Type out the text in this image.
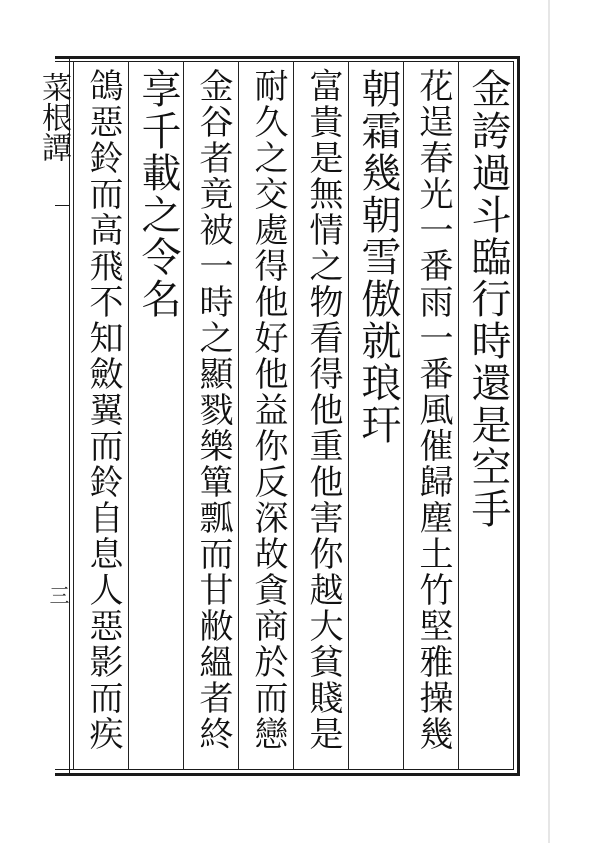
菜根譚
三
金誇過斗臨行時還是空手
花逞春光一番雨一番風催歸塵土竹堅雅操幾
朝霜幾朝雪傲就琅玕
富貴是無情之物看得他重他害你越大貧賤是
耐久之交處得他好他益你反深故貪商於而戀
金谷者竟被一時之顯戮樂簞瓢而甘敝縕者終
享千載之令名
鴿惡鈴而高飛不知斂翼而鈴自息人惡影而疾
